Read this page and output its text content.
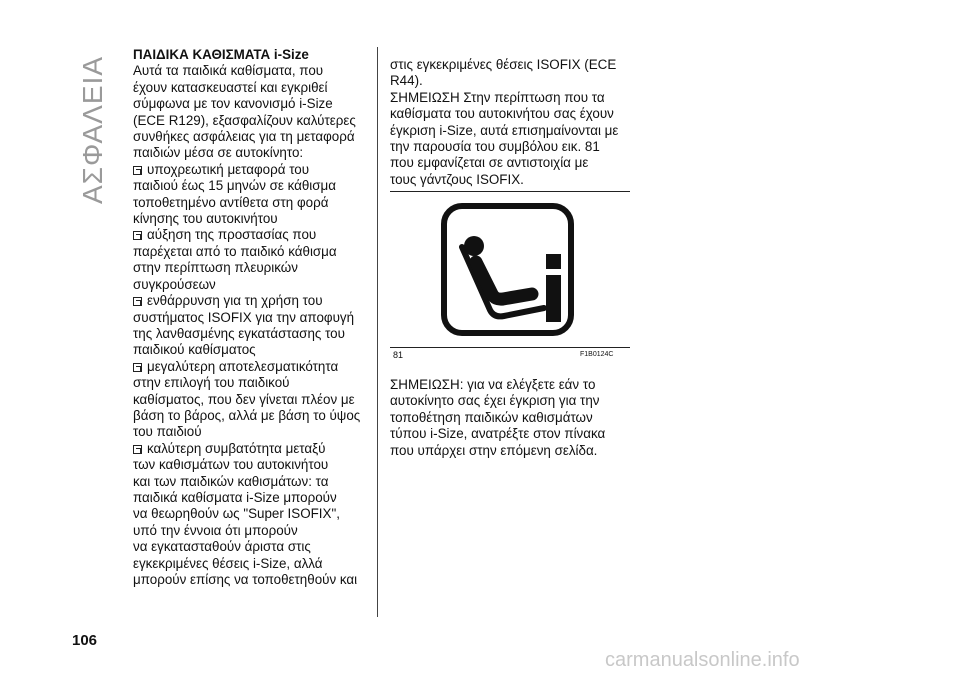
ΑΣΦΑΛΕΙΑ

ΠΑΙΔΙΚΑ ΚΑΘΙΣΜΑΤΑ i-Size

Αυτά τα παιδικά καθίσματα, που
έχουν κατασκευαστεί και εγκριθεί
σύμφωνα με τον κανονισμό i-Size
(ECE R129), εξασφαλίζουν καλύτερες
συνθήκες ασφάλειας για τη μεταφορά
παιδιών μέσα σε αυτοκίνητο:

υποχρεωτική μεταφορά του
παιδιού έως 15 μηνών σε κάθισμα
τοποθετημένο αντίθετα στη φορά
κίνησης του αυτοκινήτου

αύξηση της προστασίας που
παρέχεται από το παιδικό κάθισμα
στην περίπτωση πλευρικών
συγκρούσεων

ενθάρρυνση για τη χρήση του
συστήματος ISOFIX για την αποφυγή
της λανθασμένης εγκατάστασης του
παιδικού καθίσματος

μεγαλύτερη αποτελεσματικότητα
στην επιλογή του παιδικού
καθίσματος, που δεν γίνεται πλέον με
βάση το βάρος, αλλά με βάση το ύψος
του παιδιού

καλύτερη συμβατότητα μεταξύ
των καθισμάτων του αυτοκινήτου
και των παιδικών καθισμάτων: τα
παιδικά καθίσματα i-Size μπορούν
να θεωρηθούν ως "Super ISOFIX",
υπό την έννοια ότι μπορούν
να εγκατασταθούν άριστα στις
εγκεκριμένες θέσεις i-Size, αλλά
μπορούν επίσης να τοποθετηθούν και

στις εγκεκριμένες θέσεις ISOFIX (ECE
R44).

ΣΗΜΕΙΩΣΗ Στην περίπτωση που τα
καθίσματα του αυτοκινήτου σας έχουν
έγκριση i-Size, αυτά επισημαίνονται με
την παρουσία του συμβόλου εικ. 81
που εμφανίζεται σε αντιστοιχία με
τους γάντζους ISOFIX.

81	F1B0124C

ΣΗΜΕΙΩΣΗ: για να ελέγξετε εάν το
αυτοκίνητο σας έχει έγκριση για την
τοποθέτηση παιδικών καθισμάτων
τύπου i-Size, ανατρέξτε στον πίνακα
που υπάρχει στην επόμενη σελίδα.

106
carmanualsonline.info
